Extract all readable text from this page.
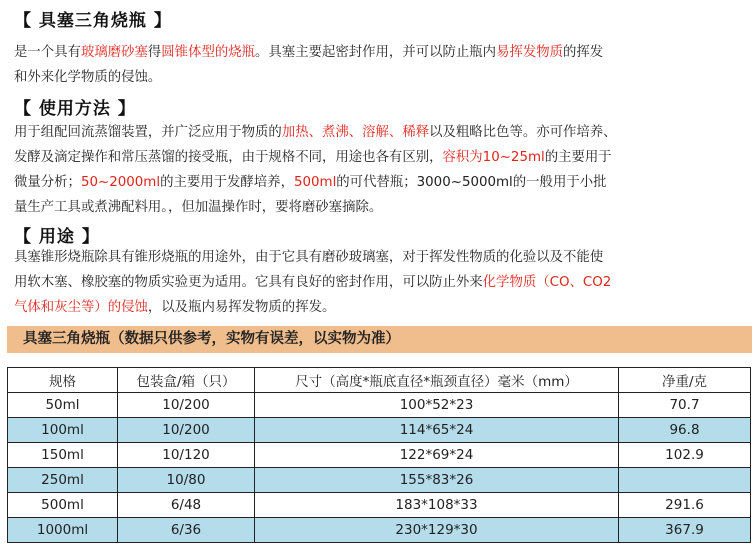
【 具塞三角烧瓶 】
是一个具有玻璃磨砂塞得圆锥体型的烧瓶。具塞主要起密封作用，并可以防止瓶内易挥发物质的挥发
和外来化学物质的侵蚀。
【 使用方法 】
用于组配回流蒸馏装置，并广泛应用于物质的加热、煮沸、溶解、稀释以及粗略比色等。亦可作培养、
发酵及滴定操作和常压蒸馏的接受瓶，由于规格不同，用途也各有区别，容积为10~25ml的主要用于
微量分析；50~2000ml的主要用于发酵培养，500ml的可代替瓶；3000~5000ml的一般用于小批
量生产工具或煮沸配料用。，但加温操作时，要将磨砂塞摘除。
【 用途 】
具塞锥形烧瓶除具有锥形烧瓶的用途外，由于它具有磨砂玻璃塞，对于挥发性物质的化验以及不能使
用软木塞、橡胶塞的物质实验更为适用。它具有良好的密封作用，可以防止外来化学物质（CO、CO2
气体和灰尘等）的侵蚀，以及瓶内易挥发物质的挥发。
具塞三角烧瓶（数据只供参考，实物有误差，以实物为准）
规格	包装盒/箱（只）	尺寸（高度*瓶底直径*瓶颈直径）毫米（mm）	净重/克
50ml	10/200	100*52*23	70.7
100ml	10/200	114*65*24	96.8
150ml	10/120	122*69*24	102.9
250ml	10/80	155*83*26	
500ml	6/48	183*108*33	291.6
1000ml	6/36	230*129*30	367.9
